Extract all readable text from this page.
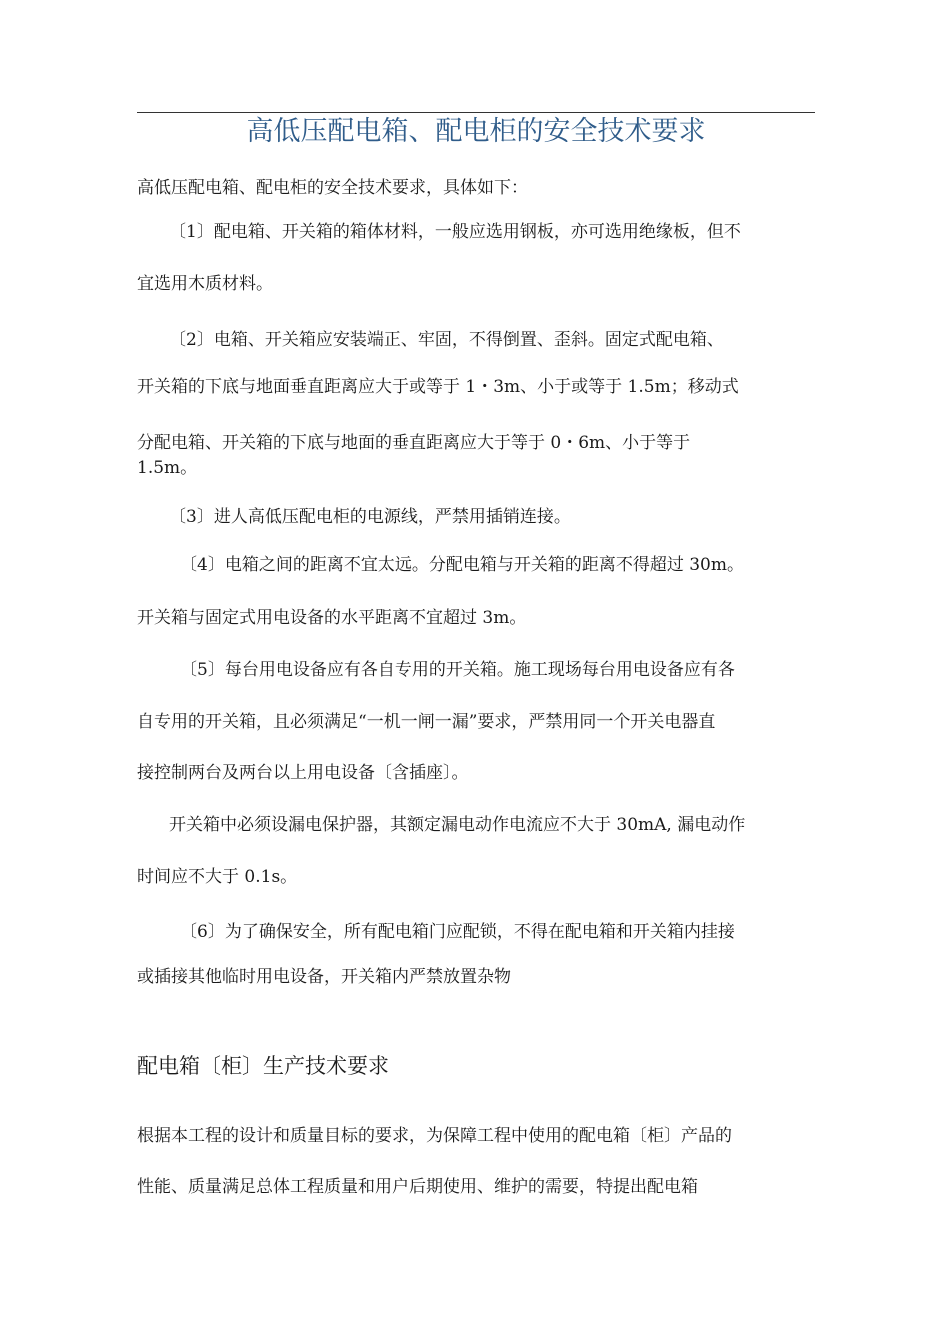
高低压配电箱、配电柜的安全技术要求
高低压配电箱、配电柜的安全技术要求，具体如下：
〔1〕配电箱、开关箱的箱体材料，一般应选用钢板，亦可选用绝缘板，但不
宜选用木质材料。
〔2〕电箱、开关箱应安装端正、牢固，不得倒置、歪斜。固定式配电箱、
开关箱的下底与地面垂直距离应大于或等于 1・3m、小于或等于 1.5m；移动式
分配电箱、开关箱的下底与地面的垂直距离应大于等于 0・6m、小于等于
1.5m。
〔3〕进人高低压配电柜的电源线，严禁用插销连接。
〔4〕电箱之间的距离不宜太远。分配电箱与开关箱的距离不得超过 30m。
开关箱与固定式用电设备的水平距离不宜超过 3m。
〔5〕每台用电设备应有各自专用的开关箱。施工现场每台用电设备应有各
自专用的开关箱，且必须满足“一机一闸一漏”要求，严禁用同一个开关电器直
接控制两台及两台以上用电设备〔含插座〕。
开关箱中必须设漏电保护器，其额定漏电动作电流应不大于 30mA, 漏电动作
时间应不大于 0.1s。
〔6〕为了确保安全，所有配电箱门应配锁，不得在配电箱和开关箱内挂接
或插接其他临时用电设备，开关箱内严禁放置杂物
配电箱〔柜〕生产技术要求
根据本工程的设计和质量目标的要求，为保障工程中使用的配电箱〔柜〕产品的
性能、质量满足总体工程质量和用户后期使用、维护的需要，特提出配电箱
